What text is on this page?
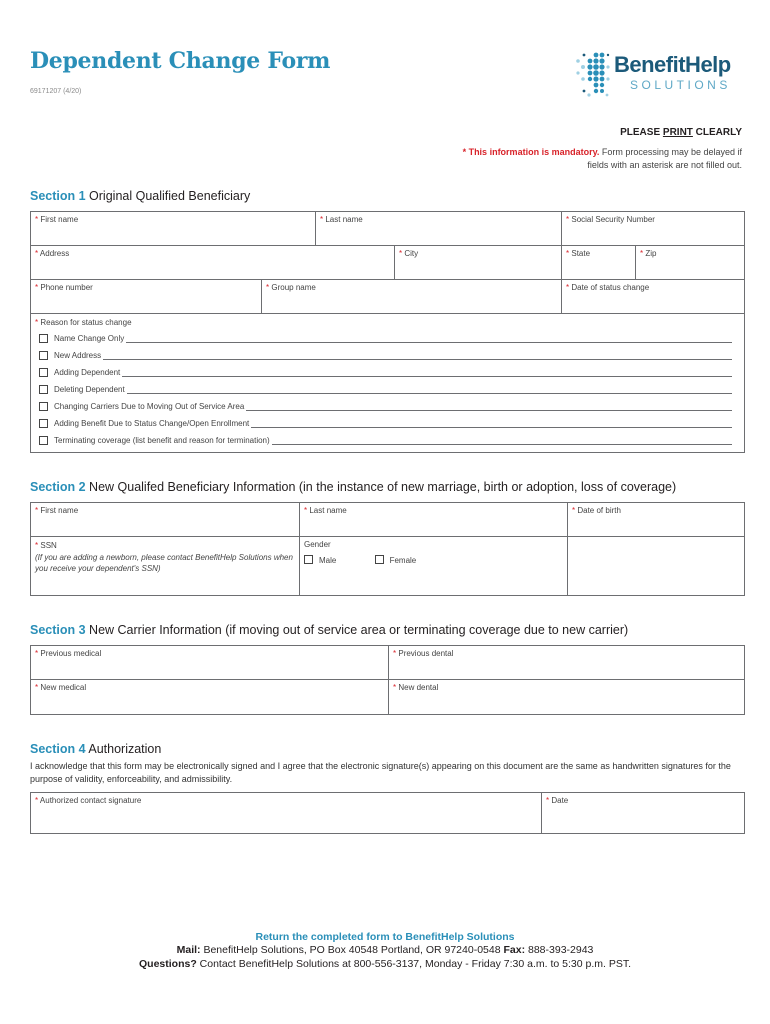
Dependent Change Form
69171207 (4/20)
BenefitHelp
SOLUTIONS
PLEASE PRINT CLEARLY
* This information is mandatory. Form processing may be delayed if fields with an asterisk are not filled out.
Section 1 Original Qualified Beneficiary
* First name	* Last name	* Social Security Number
* Address	* City	* State	* Zip
* Phone number	* Group name	* Date of status change
* Reason for status change
Name Change Only
New Address
Adding Dependent
Deleting Dependent
Changing Carriers Due to Moving Out of Service Area
Adding Benefit Due to Status Change/Open Enrollment
Terminating coverage (list benefit and reason for termination)
Section 2 New Qualifed Beneficiary Information (in the instance of new marriage, birth or adoption, loss of coverage)
* First name	* Last name	* Date of birth
* SSN
(If you are adding a newborn, please contact BenefitHelp Solutions when you receive your dependent's SSN)
Gender
Male	Female
Section 3 New Carrier Information (if moving out of service area or terminating coverage due to new carrier)
* Previous medical	* Previous dental
* New medical	* New dental
Section 4 Authorization
I acknowledge that this form may be electronically signed and I agree that the electronic signature(s) appearing on this document are the same as handwritten signatures for the purpose of validity, enforceability, and admissibility.
* Authorized contact signature	* Date
Return the completed form to BenefitHelp Solutions
Mail: BenefitHelp Solutions, PO Box 40548 Portland, OR 97240-0548 Fax: 888-393-2943
Questions? Contact BenefitHelp Solutions at 800-556-3137, Monday - Friday 7:30 a.m. to 5:30 p.m. PST.
